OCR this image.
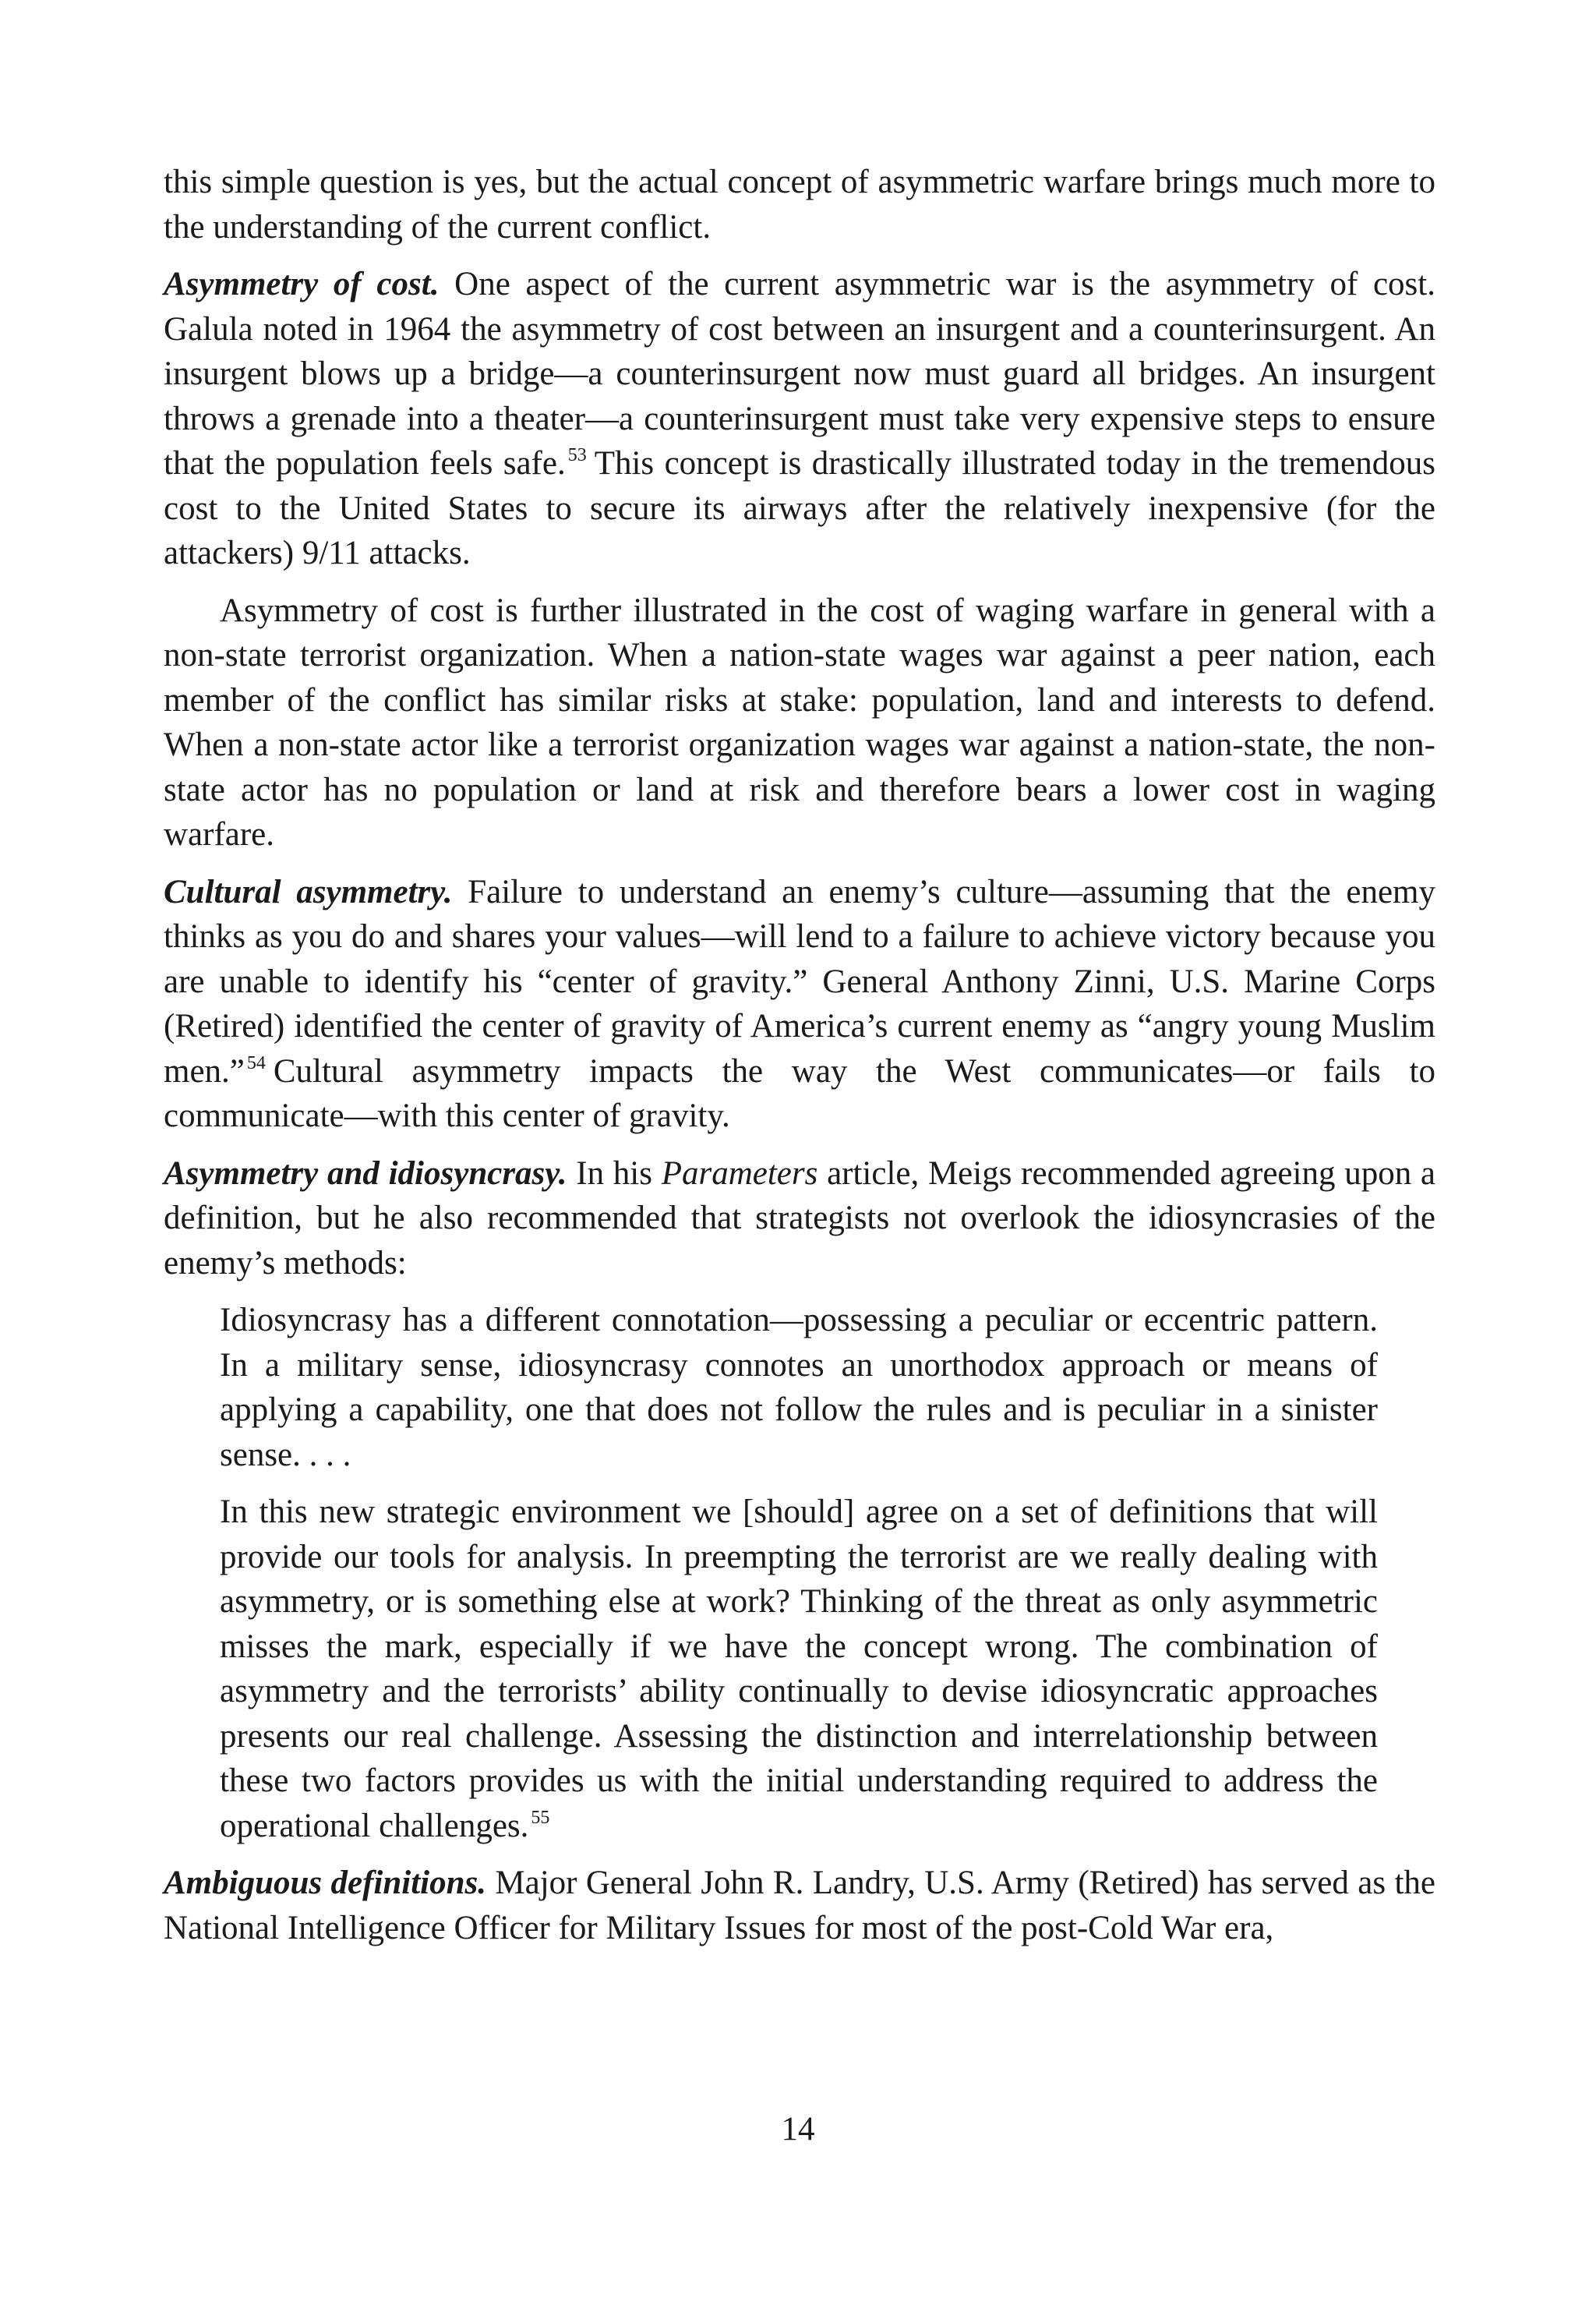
this simple question is yes, but the actual concept of asymmetric warfare brings much more to the understanding of the current conflict.

Asymmetry of cost. One aspect of the current asymmetric war is the asymmetry of cost. Galula noted in 1964 the asymmetry of cost between an insurgent and a counterinsurgent. An insurgent blows up a bridge—a counterinsurgent now must guard all bridges. An insurgent throws a grenade into a theater—a counterinsurgent must take very expensive steps to ensure that the population feels safe. $^{53}$ This concept is drastically illustrated today in the tremendous cost to the United States to secure its airways after the relatively inexpensive (for the attackers) 9/11 attacks.

Asymmetry of cost is further illustrated in the cost of waging warfare in general with a non-state terrorist organization. When a nation-state wages war against a peer nation, each member of the conflict has similar risks at stake: population, land and interests to defend. When a non-state actor like a terrorist organization wages war against a nation-state, the non-state actor has no population or land at risk and therefore bears a lower cost in waging warfare.

Cultural asymmetry. Failure to understand an enemy’s culture—assuming that the enemy thinks as you do and shares your values—will lend to a failure to achieve victory because you are unable to identify his “center of gravity.” General Anthony Zinni, U.S. Marine Corps (Retired) identified the center of gravity of America’s current enemy as “angry young Muslim men.” $^{54}$ Cultural asymmetry impacts the way the West communicates—or fails to communicate—with this center of gravity.

Asymmetry and idiosyncrasy. In his Parameters article, Meigs recommended agreeing upon a definition, but he also recommended that strategists not overlook the idiosyncrasies of the enemy’s methods:

Idiosyncrasy has a different connotation—possessing a peculiar or eccentric pattern. In a military sense, idiosyncrasy connotes an unorthodox approach or means of applying a capability, one that does not follow the rules and is peculiar in a sinister sense. . . .

In this new strategic environment we [should] agree on a set of definitions that will provide our tools for analysis. In preempting the terrorist are we really dealing with asymmetry, or is something else at work? Thinking of the threat as only asymmetric misses the mark, especially if we have the concept wrong. The combination of asymmetry and the terrorists’ ability continually to devise idiosyncratic approaches presents our real challenge. Assessing the distinction and interrelationship between these two factors provides us with the initial understanding required to address the operational challenges. $^{55}$

Ambiguous definitions. Major General John R. Landry, U.S. Army (Retired) has served as the National Intelligence Officer for Military Issues for most of the post-Cold War era,

14
